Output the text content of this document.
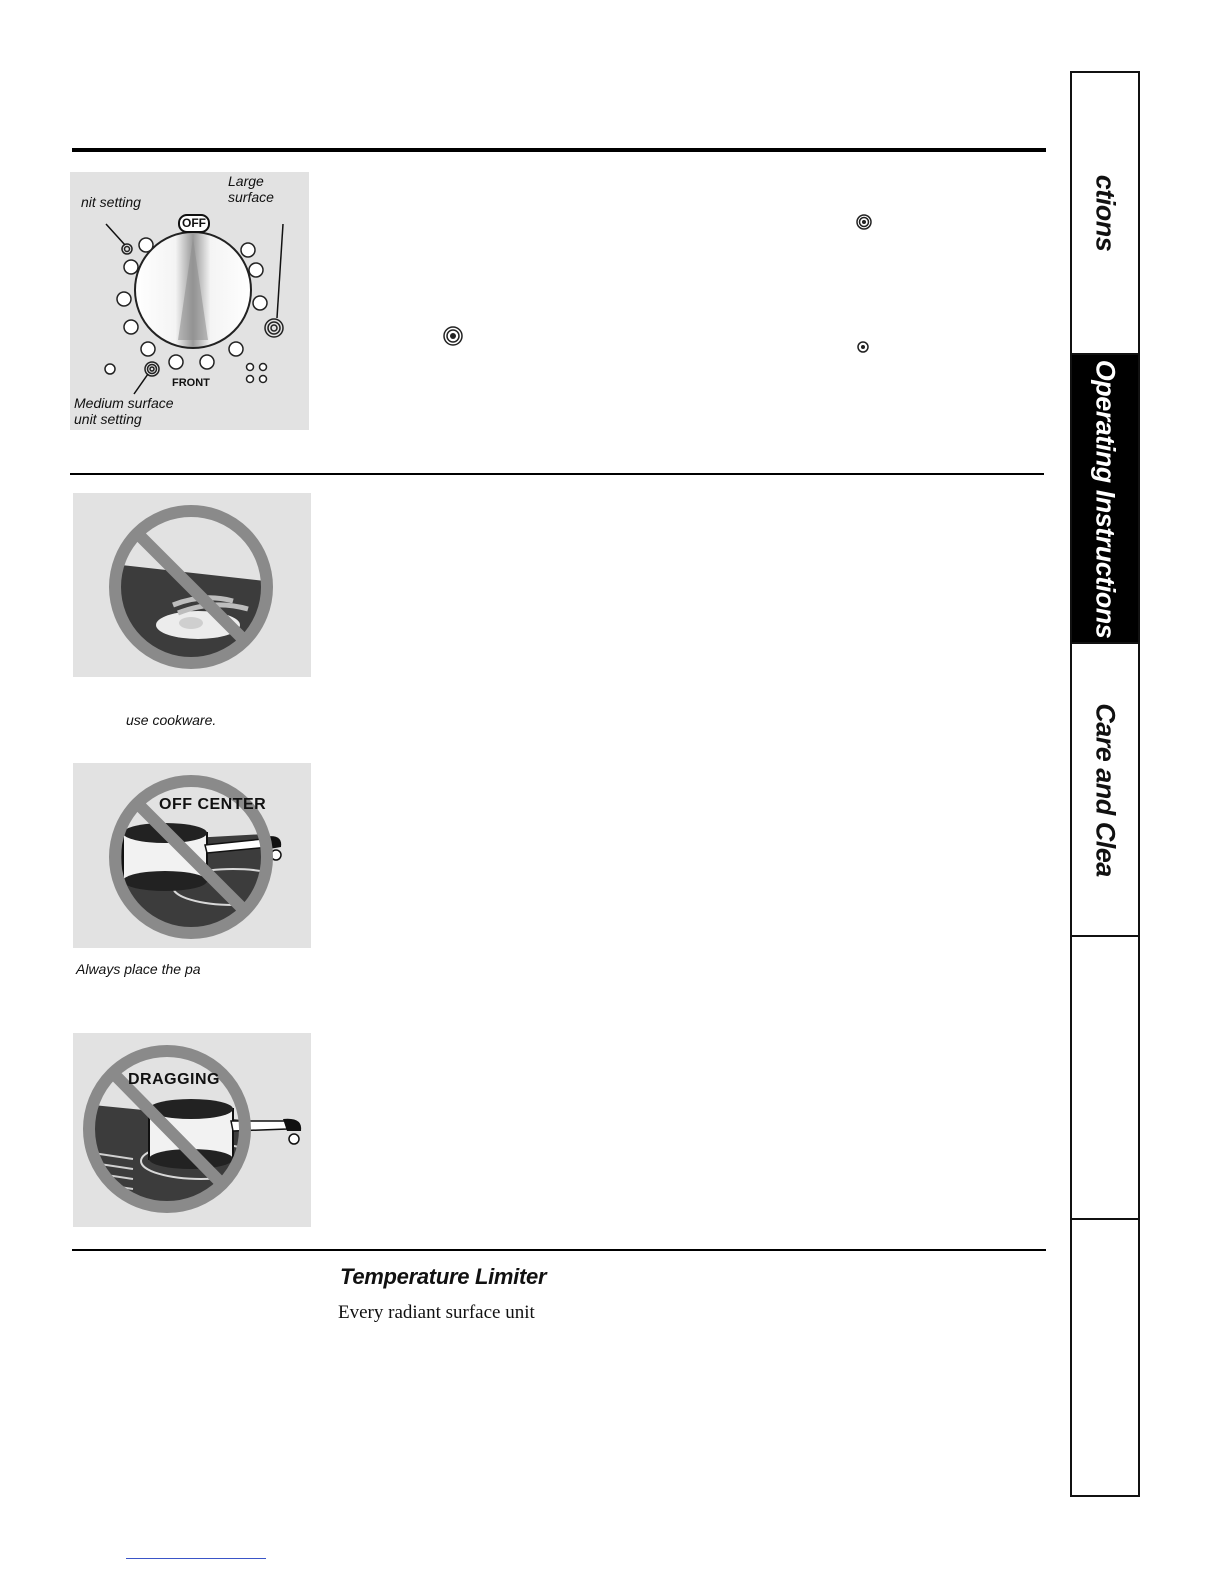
nit setting
Large
surface
OFF
FRONT
Medium surface
unit setting
use cookware.
OFF CENTER
Always place the pa
DRAGGING
Temperature Limiter
Every radiant surface unit
ctions
Operating Instructions
Care and Clea
